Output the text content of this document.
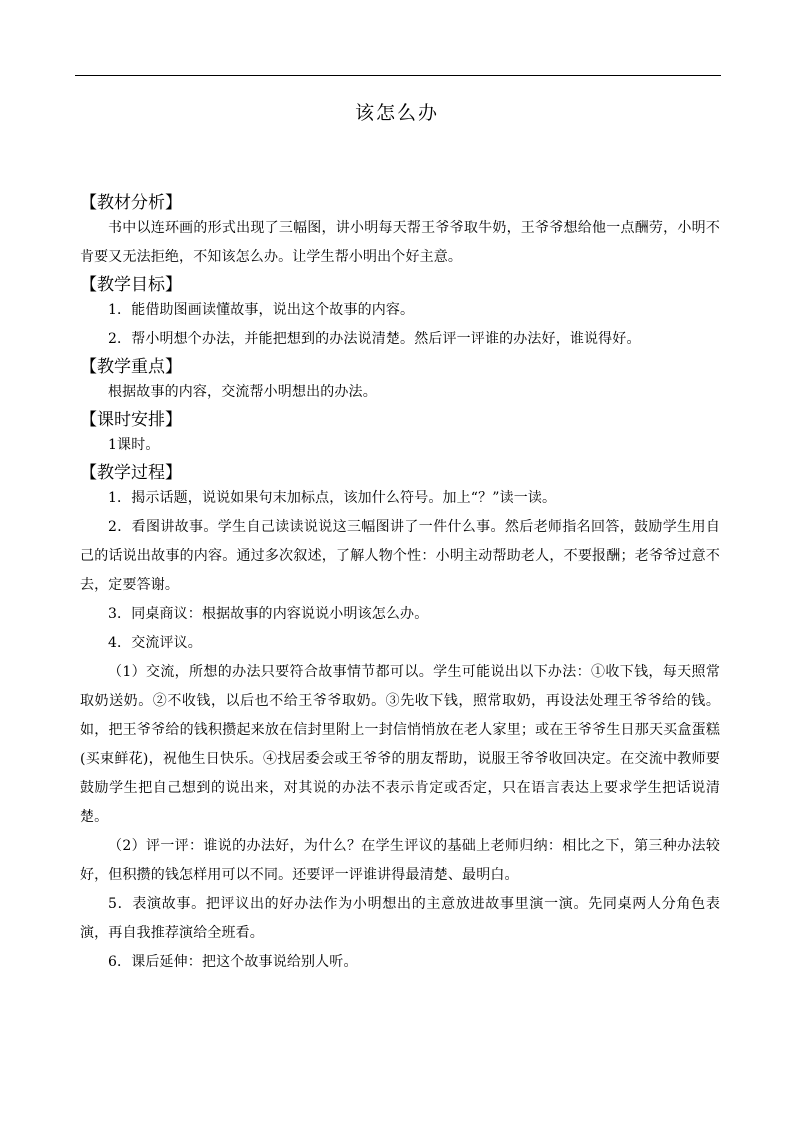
该怎么办
【教材分析】

书中以连环画的形式出现了三幅图，讲小明每天帮王爷爷取牛奶，王爷爷想给他一点酬劳，小明不肯要又无法拒绝，不知该怎么办。让学生帮小明出个好主意。

【教学目标】

1．能借助图画读懂故事，说出这个故事的内容。

2．帮小明想个办法，并能把想到的办法说清楚。然后评一评谁的办法好，谁说得好。

【教学重点】

根据故事的内容，交流帮小明想出的办法。

【课时安排】

1课时。

【教学过程】

1．揭示话题，说说如果句末加标点，该加什么符号。加上“？”读一读。

2．看图讲故事。学生自己读读说说这三幅图讲了一件什么事。然后老师指名回答，鼓励学生用自己的话说出故事的内容。通过多次叙述，了解人物个性：小明主动帮助老人，不要报酬；老爷爷过意不去，定要答谢。

3．同桌商议：根据故事的内容说说小明该怎么办。

4．交流评议。

（1）交流，所想的办法只要符合故事情节都可以。学生可能说出以下办法：①收下钱，每天照常取奶送奶。②不收钱，以后也不给王爷爷取奶。③先收下钱，照常取奶，再设法处理王爷爷给的钱。如，把王爷爷给的钱积攒起来放在信封里附上一封信悄悄放在老人家里；或在王爷爷生日那天买盒蛋糕(买束鲜花)，祝他生日快乐。④找居委会或王爷爷的朋友帮助，说服王爷爷收回决定。在交流中教师要鼓励学生把自己想到的说出来，对其说的办法不表示肯定或否定，只在语言表达上要求学生把话说清楚。

（2）评一评：谁说的办法好，为什么？在学生评议的基础上老师归纳：相比之下，第三种办法较好，但积攒的钱怎样用可以不同。还要评一评谁讲得最清楚、最明白。

5．表演故事。把评议出的好办法作为小明想出的主意放进故事里演一演。先同桌两人分角色表演，再自我推荐演给全班看。

6．课后延伸：把这个故事说给别人听。
